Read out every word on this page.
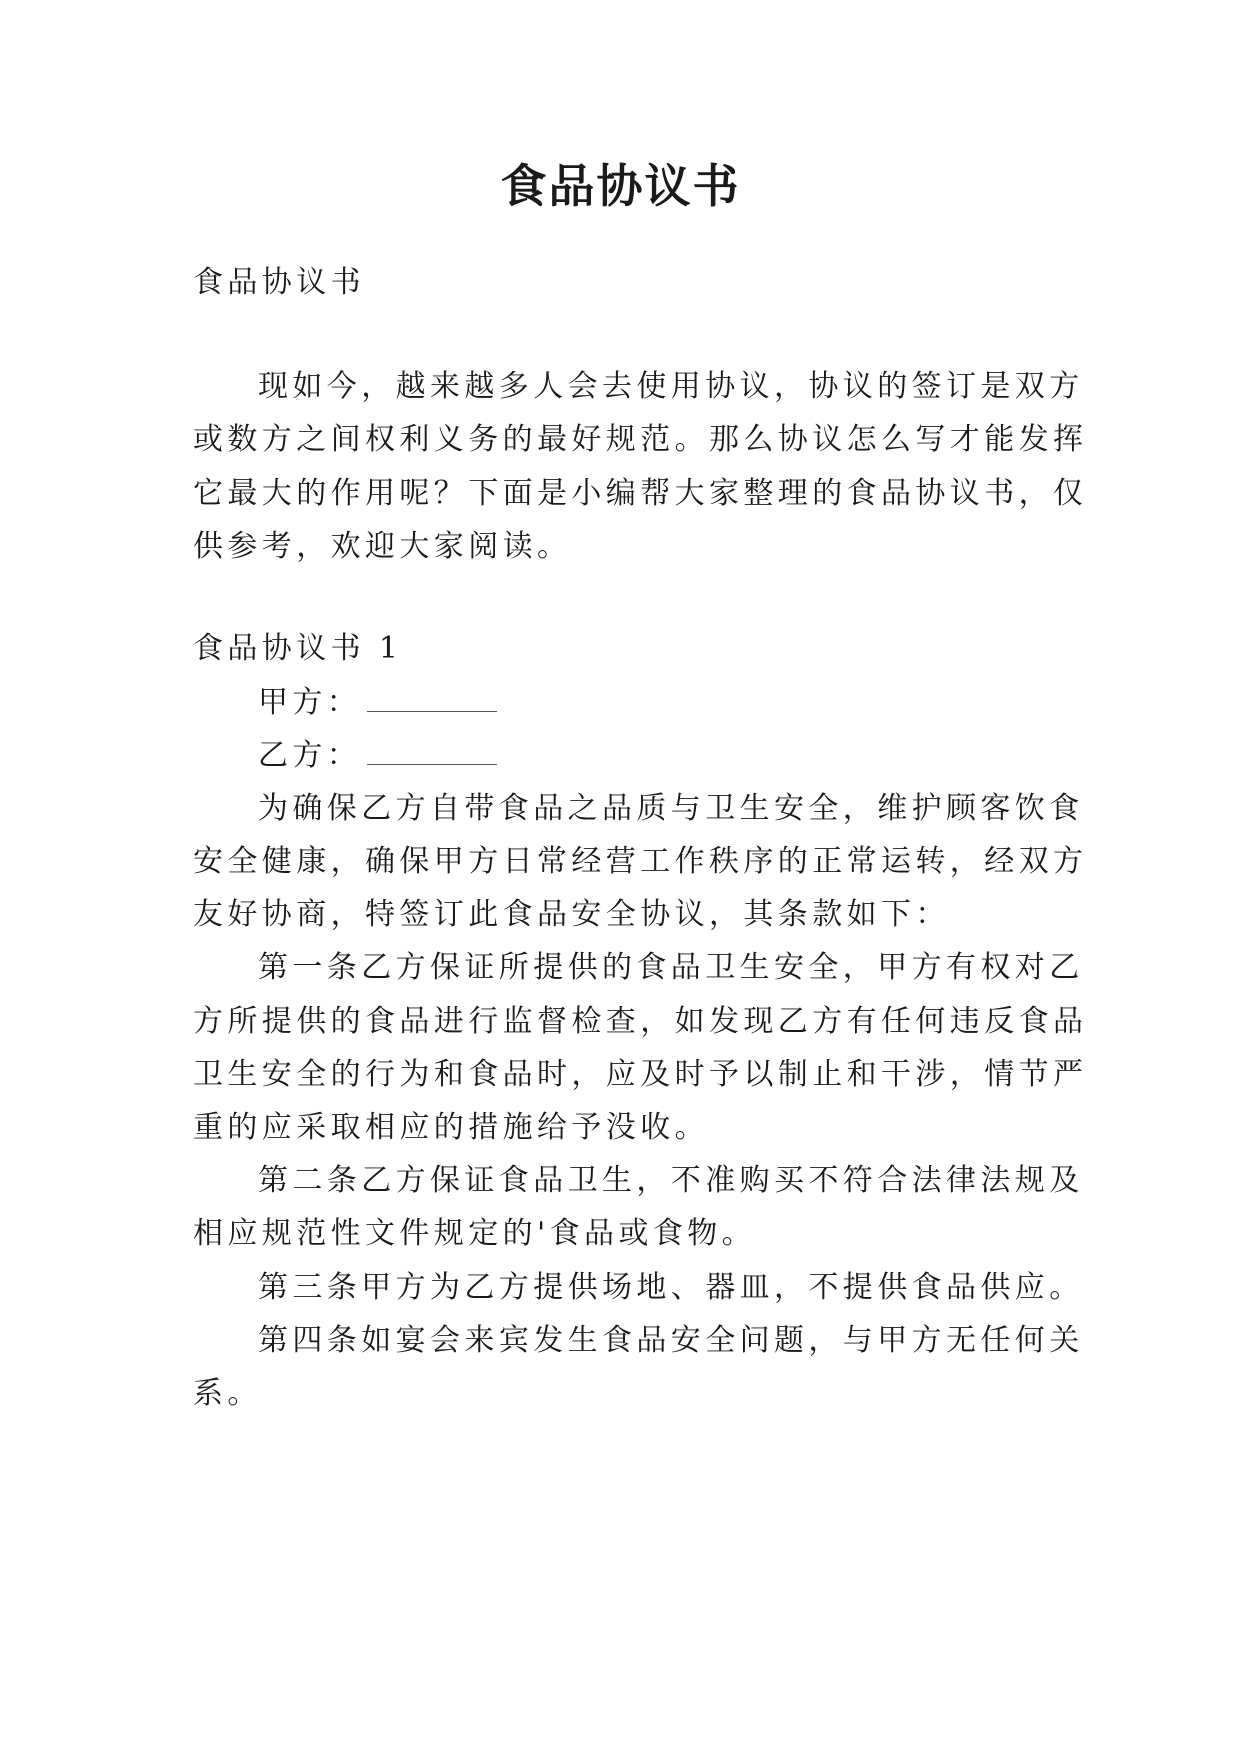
食品协议书
食品协议书
现如今，越来越多人会去使用协议，协议的签订是双方
或数方之间权利义务的最好规范。那么协议怎么写才能发挥
它最大的作用呢？下面是小编帮大家整理的食品协议书，仅
供参考，欢迎大家阅读。
食品协议书 1
甲方：
乙方：
为确保乙方自带食品之品质与卫生安全，维护顾客饮食
安全健康，确保甲方日常经营工作秩序的正常运转，经双方
友好协商，特签订此食品安全协议，其条款如下：
第一条乙方保证所提供的食品卫生安全，甲方有权对乙
方所提供的食品进行监督检查，如发现乙方有任何违反食品
卫生安全的行为和食品时，应及时予以制止和干涉，情节严
重的应采取相应的措施给予没收。
第二条乙方保证食品卫生，不准购买不符合法律法规及
相应规范性文件规定的'食品或食物。
第三条甲方为乙方提供场地、器皿，不提供食品供应。
第四条如宴会来宾发生食品安全问题，与甲方无任何关
系。
